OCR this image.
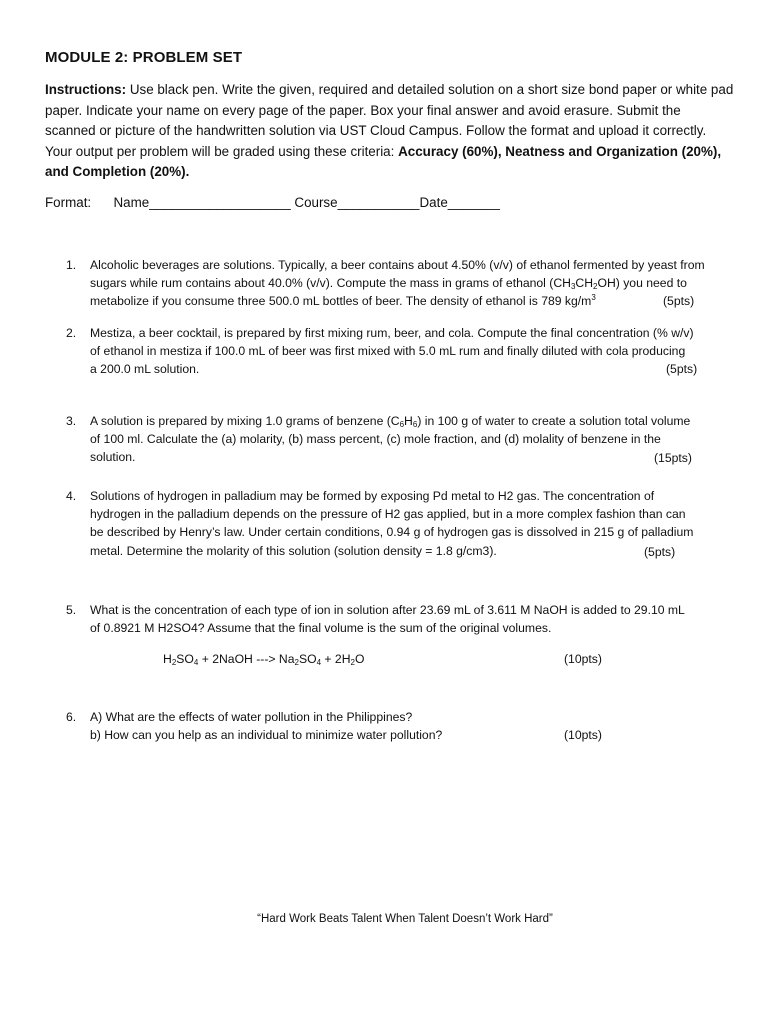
MODULE 2: PROBLEM SET
Instructions: Use black pen. Write the given, required and detailed solution on a short size bond paper or white pad paper. Indicate your name on every page of the paper. Box your final answer and avoid erasure. Submit the scanned or picture of the handwritten solution via UST Cloud Campus. Follow the format and upload it correctly. Your output per problem will be graded using these criteria: Accuracy (60%), Neatness and Organization (20%), and Completion (20%).
Format: Name___________________ Course___________Date_______
1. Alcoholic beverages are solutions. Typically, a beer contains about 4.50% (v/v) of ethanol fermented by yeast from
sugars while rum contains about 40.0% (v/v). Compute the mass in grams of ethanol $(CH_3CH_2OH)$ you need to
metabolize if you consume three 500.0 mL bottles of beer. The density of ethanol is 789 $kg/m^3$	(5pts)
2. Mestiza, a beer cocktail, is prepared by first mixing rum, beer, and cola. Compute the final concentration (% w/v)
of ethanol in mestiza if 100.0 mL of beer was first mixed with 5.0 mL rum and finally diluted with cola producing
a 200.0 mL solution.	(5pts)
3. A solution is prepared by mixing 1.0 grams of benzene $(C_6H_6)$ in 100 g of water to create a solution total volume
of 100 ml. Calculate the (a) molarity, (b) mass percent, (c) mole fraction, and (d) molality of benzene in the
solution.	(15pts)
4. Solutions of hydrogen in palladium may be formed by exposing Pd metal to H2 gas. The concentration of
hydrogen in the palladium depends on the pressure of H2 gas applied, but in a more complex fashion than can
be described by Henry’s law. Under certain conditions, 0.94 g of hydrogen gas is dissolved in 215 g of palladium
metal. Determine the molarity of this solution (solution density = 1.8 g/cm3).	(5pts)
5. What is the concentration of each type of ion in solution after 23.69 mL of 3.611 M NaOH is added to 29.10 mL
of 0.8921 M H2SO4? Assume that the final volume is the sum of the original volumes.
$H_2SO_4$ + 2NaOH ---> $Na_2SO_4 + 2H_2O$	(10pts)
6. A) What are the effects of water pollution in the Philippines?
b) How can you help as an individual to minimize water pollution?	(10pts)
“Hard Work Beats Talent When Talent Doesn’t Work Hard”
